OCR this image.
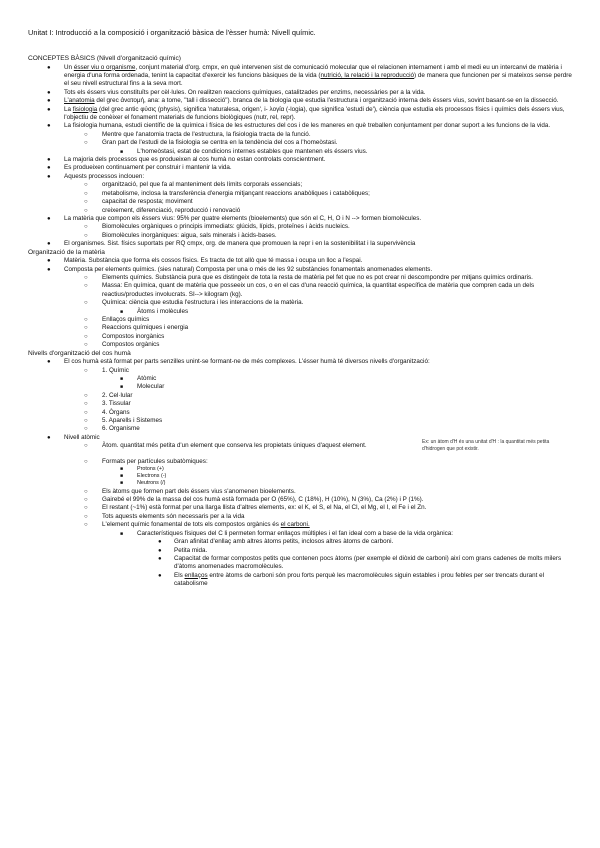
Unitat I: Introducció a la composició i organització bàsica de l'èsser humà: Nivell químic.
CONCEPTES BÀSICS (Nivell d'organització químic)
● Un ésser viu o organisme, conjunt material d'org. cmpx, en què intervenen sist de comunicació molecular que el relacionen internament i amb el medi eu un intercanvi de matèria i energia d'una forma ordenada, tenint la capacitat d'exercir les funcions bàsiques de la vida (nutrició, la relació i la reproducció) de manera que funcionen per si mateixos sense perdre el seu nivell estructural fins a la seva mort.
● Tots els éssers vius constituïts per cèl·lules. On realitzen reaccions químiques, catalitzades per enzims, necessàries per a la vida.
● L'anatomia del grec ἀνατομή, ana: a tome, "tall i dissecció"). branca de la biologia que estudia l'estructura i organització interna dels éssers vius, sovint basant-se en la dissecció.
● La fisiologia (del grec antic φύσις (physis), significa 'naturalesa, origen', i- λογία (-logia), que significa 'estudi de'), ciència que estudia els processos físics i químics dels éssers vius, l'objectiu de conèixer el fonament materials de funcions biològiques (nutr, rel, repr).
● La fisiologia humana, estudi científic de la química i física de les estructures del cos i de les maneres en què treballen conjuntament per donar suport a les funcions de la vida.
○ Mentre que l'anatomia tracta de l'estructura, la fisiologia tracta de la funció.
○ Gran part de l'estudi de la fisiologia se centra en la tendència del cos a l'homeòstasi.
■ L'homeòstasi, estat de condicions internes estables que mantenen els éssers vius.
● La majoria dels processos que es produeixen al cos humà no estan controlats conscientment.
● Es produeixen continuament per construir i mantenir la vida.
● Aquests processos inclouen:
○ organització, pel que fa al manteniment dels límits corporals essencials;
○ metabolisme, inclosa la transferència d'energia mitjançant reaccions anabòliques i catabòliques;
○ capacitat de resposta; moviment
○ creixement, diferenciació, reproducció i renovació
● La matèria que compon els éssers vius: 95% per quatre elements (bioelements) que són el C, H, O i N --> formen biomolècules.
○ Biomolècules orgàniques o principis immediats: glúcids, lípids, proteïnes i àcids nucleics.
○ Biomolècules inorgàniques: aigua, sals minerals i àcids-bases.
● El organismes. Sist. físics suportats per RQ cmpx, org. de manera que promouen la repr i en la sostenibilitat i la supervivència
Organització de la matèria
● Matèria. Substància que forma els cossos físics. Es tracta de tot allò que té massa i ocupa un lloc a l'espai.
● Composta per elements químics. (sies natural) Composta per una o més de les 92 substàncies fonamentals anomenades elements.
○ Elements químics. Substància pura que es distingeix de tota la resta de matèria pel fet que no es pot crear ni descompondre per mitjans químics ordinaris.
○ Massa: En química, quant de matèria que posseeix un cos, o en el cas d'una reacció química, la quantitat específica de matèria que compren cada un dels reactius/productes involucrats. SI--> kilogram (kg).
○ Química: ciència que estudia l'estructura i les interaccions de la matèria.
■ Àtoms i molècules
○ Enllaços químics
○ Reaccions químiques i energia
○ Compostos inorgànics
○ Compostos orgànics
Nivells d'organització del cos humà
● El cos humà està format per parts senzilles unint-se formant-ne de més complexes. L'ésser humà té diversos nivells d'organització:
○ 1. Químic
■ Atòmic
■ Molecular
○ 2. Cel·lular
○ 3. Tissular
○ 4. Òrgans
○ 5. Aparells i Sistemes
○ 6. Organisme
● Nivell atòmic
○ Àtom. quantitat més petita d'un element que conserva les propietats úniques d'aquest element.	Ex: un àtom d'H és una unitat d'H : la quantitat més petita d'hidrogen que pot existir.
○ Formats per partícules subatòmiques:
■	Protons (+)
■	Electrons (-)
■	Neutrons (/)
○ Els àtoms que formen part dels éssers vius s'anomenen bioelements.
○ Gairebé el 99% de la massa del cos humà està formada per O (65%), C (18%), H (10%), N (3%), Ca (2%) i P (1%).
○ El restant (~1%) està format per una llarga llista d'altres elements, ex: el K, el S, el Na, el Cl, el Mg, el I, el Fe i el Zn.
○ Tots aquests elements són necessaris per a la vida
○ L'element químic fonamental de tots els compostos orgànics és el carboni.
■ Característiques físiques del C li permeten formar enllaços múltiples i el fan ideal com a base de la vida orgànica:
● Gran afinitat d'enllaç amb altres àtoms petits, inclosos altres àtoms de carboni.
● Petita mida.
● Capacitat de formar compostos petits que contenen pocs àtoms (per exemple el diòxid de carboni) així com grans cadenes de molts milers d'àtoms anomenades macromolècules.
● Els enllaços entre àtoms de carboni són prou forts perquè les macromolècules siguin estables i prou febles per ser trencats durant el catabolisme
